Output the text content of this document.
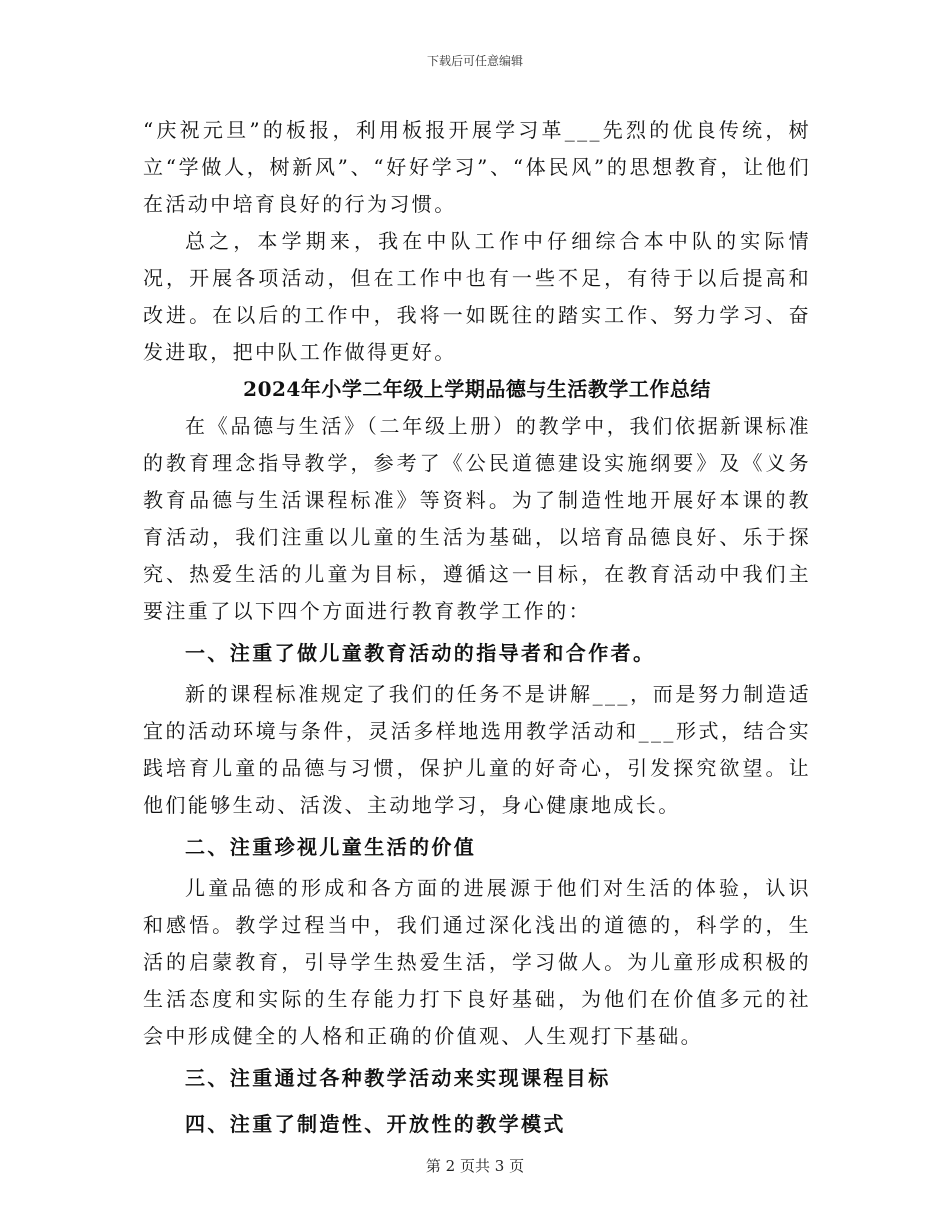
下载后可任意编辑

“庆祝元旦”的板报，利用板报开展学习革___先烈的优良传统，树立“学做人，树新风”、“好好学习”、“体民风”的思想教育，让他们在活动中培育良好的行为习惯。

总之，本学期来，我在中队工作中仔细综合本中队的实际情况，开展各项活动，但在工作中也有一些不足，有待于以后提高和改进。在以后的工作中，我将一如既往的踏实工作、努力学习、奋发进取，把中队工作做得更好。

2024年小学二年级上学期品德与生活教学工作总结

在《品德与生活》（二年级上册）的教学中，我们依据新课标准的教育理念指导教学，参考了《公民道德建设实施纲要》及《义务教育品德与生活课程标准》等资料。为了制造性地开展好本课的教育活动，我们注重以儿童的生活为基础，以培育品德良好、乐于探究、热爱生活的儿童为目标，遵循这一目标，在教育活动中我们主要注重了以下四个方面进行教育教学工作的：

一、注重了做儿童教育活动的指导者和合作者。

新的课程标准规定了我们的任务不是讲解___，而是努力制造适宜的活动环境与条件，灵活多样地选用教学活动和___形式，结合实践培育儿童的品德与习惯，保护儿童的好奇心，引发探究欲望。让他们能够生动、活泼、主动地学习，身心健康地成长。

二、注重珍视儿童生活的价值

儿童品德的形成和各方面的进展源于他们对生活的体验，认识和感悟。教学过程当中，我们通过深化浅出的道德的，科学的，生活的启蒙教育，引导学生热爱生活，学习做人。为儿童形成积极的生活态度和实际的生存能力打下良好基础，为他们在价值多元的社会中形成健全的人格和正确的价值观、人生观打下基础。

三、注重通过各种教学活动来实现课程目标

四、注重了制造性、开放性的教学模式

第 2 页共 3 页
